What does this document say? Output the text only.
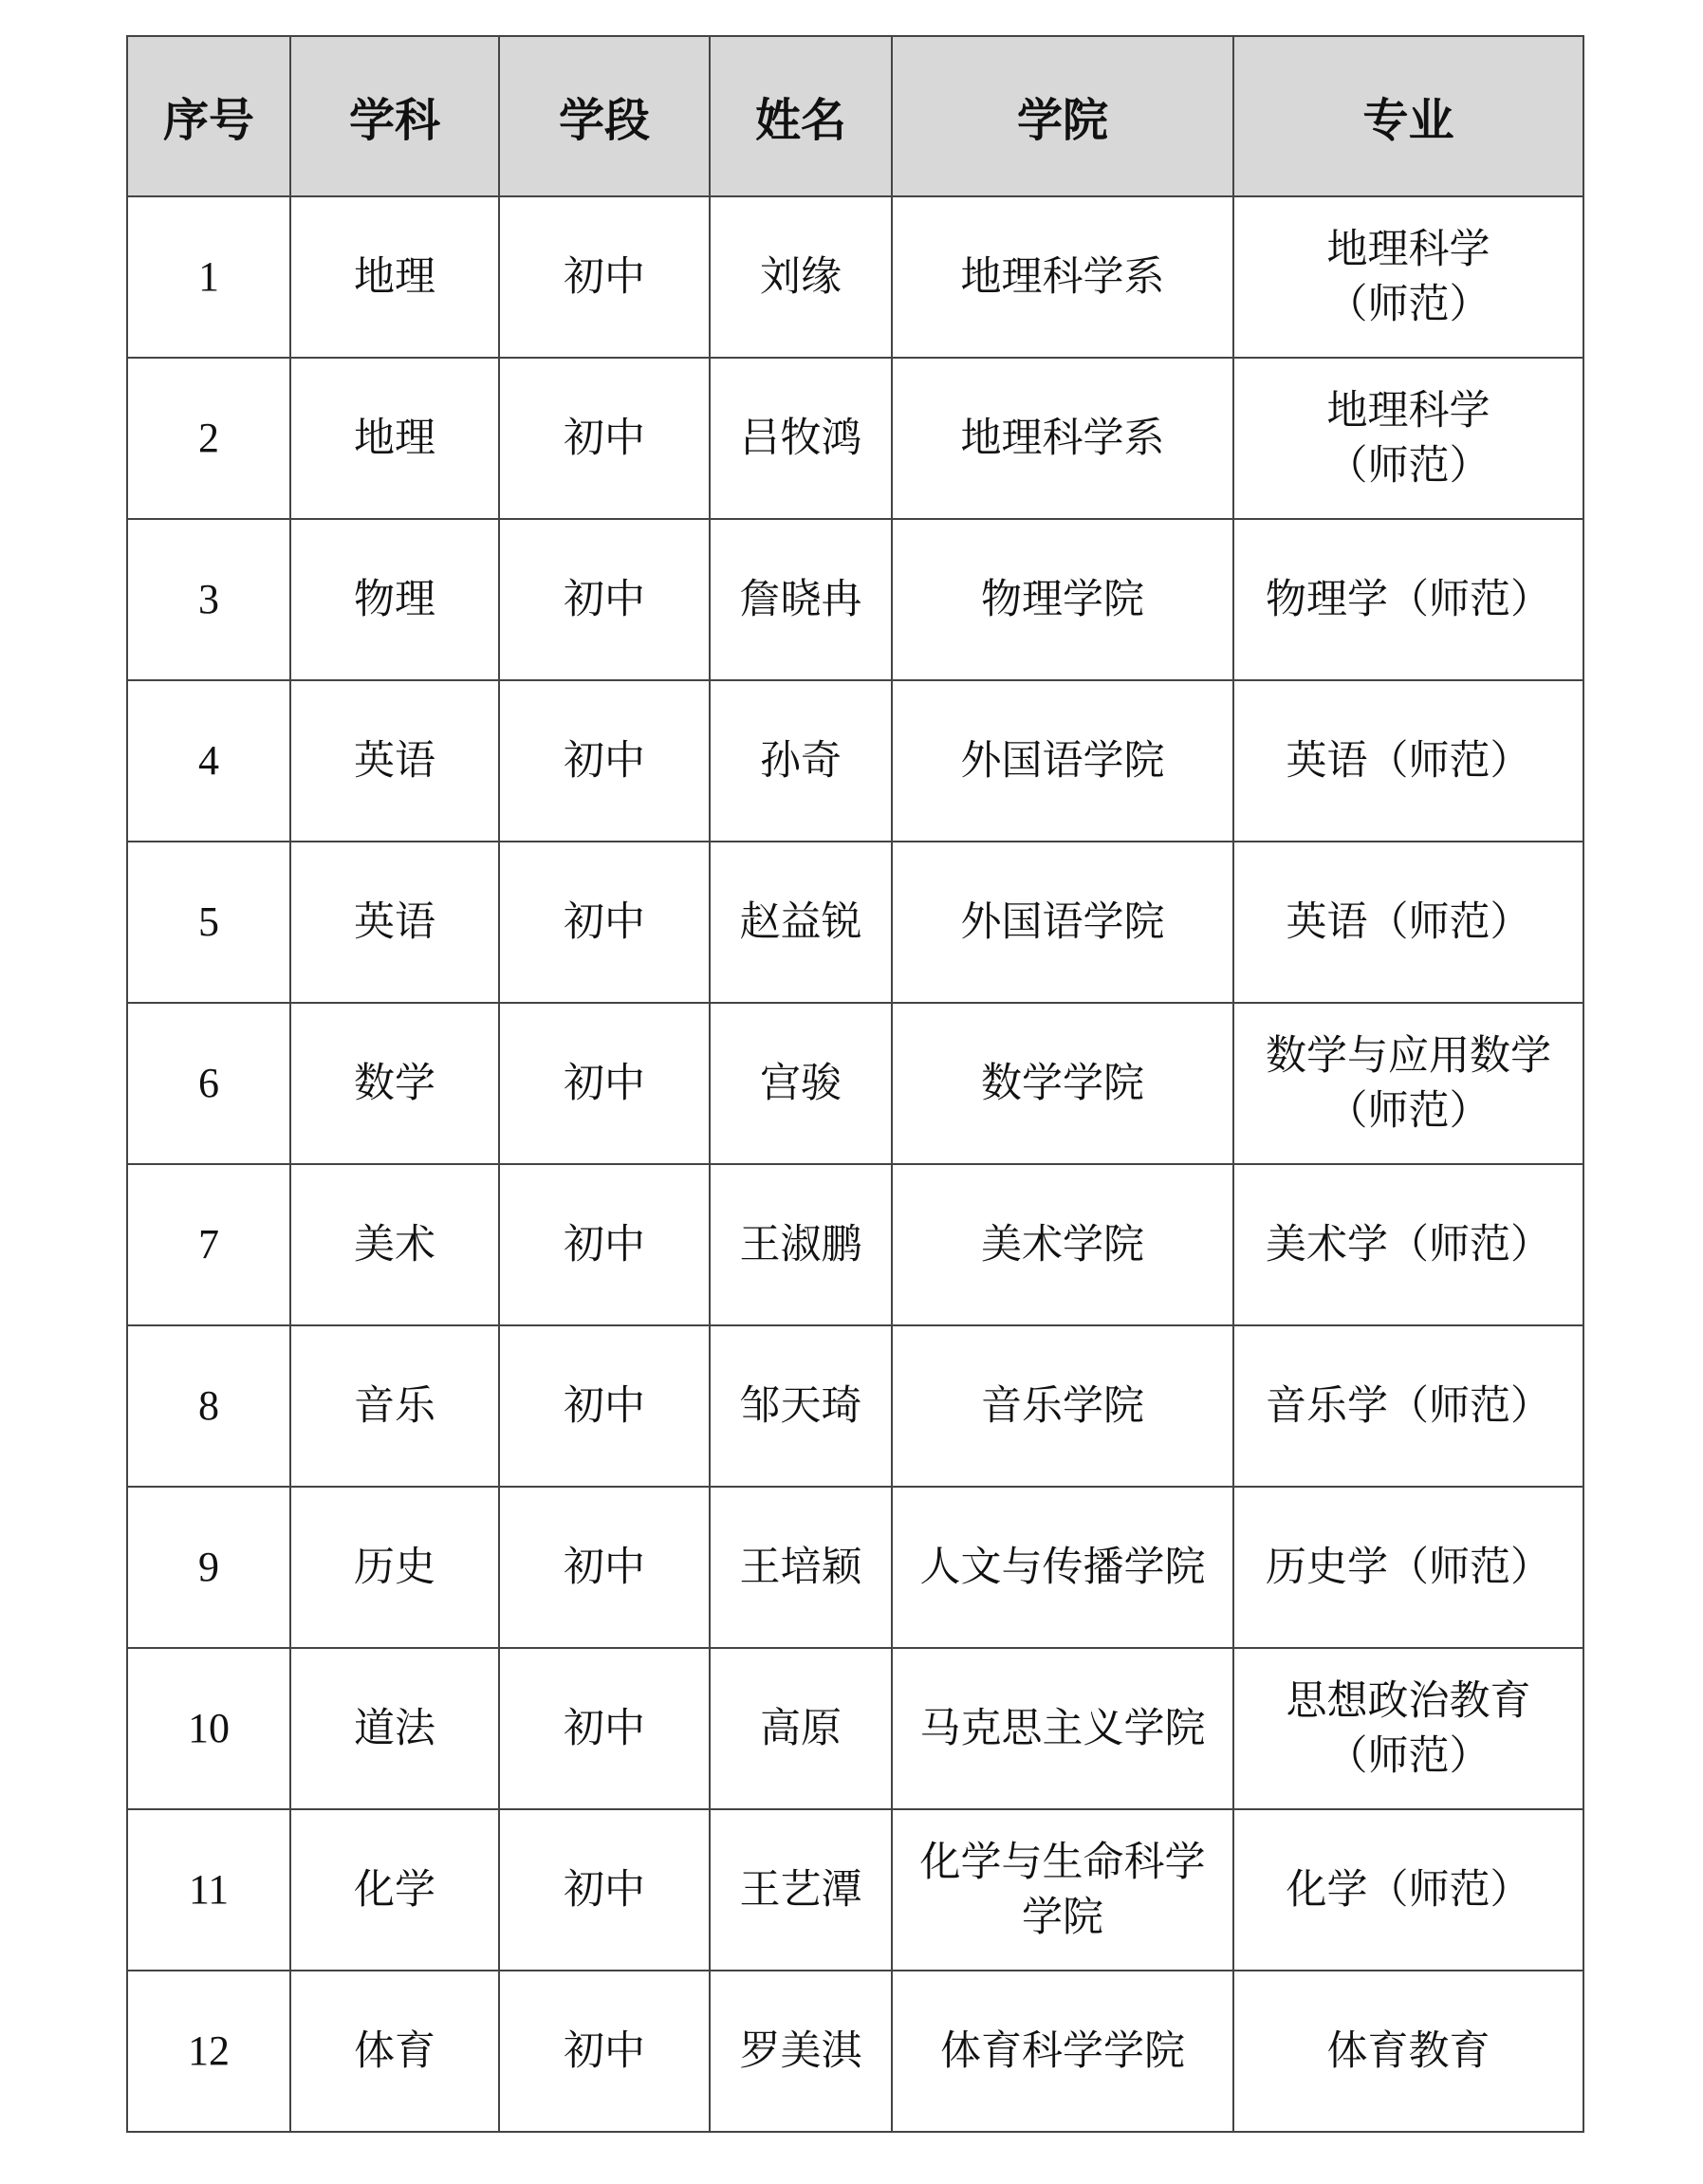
序号	学科	学段	姓名	学院	专业
1	地理	初中	刘缘	地理科学系	地理科学
（师范）

2	地理	初中	吕牧鸿	地理科学系	地理科学
（师范）

3	物理	初中	詹晓冉	物理学院	物理学（师范）

4	英语	初中	孙奇	外国语学院	英语（师范）

5	英语	初中	赵益锐	外国语学院	英语（师范）

6	数学	初中	宫骏	数学学院	数学与应用数学
（师范）

7	美术	初中	王淑鹏	美术学院	美术学（师范）

8	音乐	初中	邹天琦	音乐学院	音乐学（师范）

9	历史	初中	王培颖	人文与传播学院	历史学（师范）

10	道法	初中	高原	马克思主义学院	思想政治教育
（师范）

11	化学	初中	王艺潭	化学与生命科学
学院	化学（师范）

12	体育	初中	罗美淇	体育科学学院	体育教育
